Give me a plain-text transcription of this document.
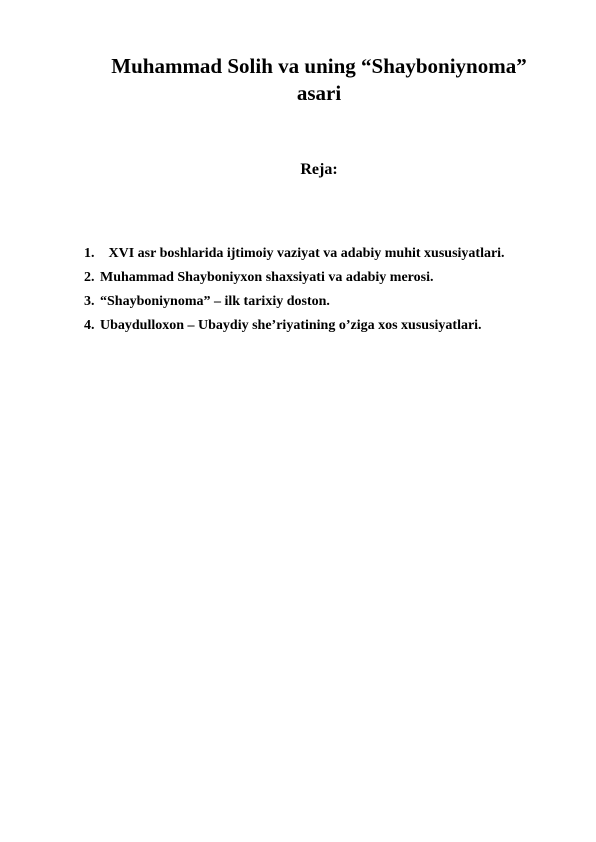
Muhammad Solih va uning “Shayboniynoma”
asari

Reja:

1. XVI asr boshlarida ijtimoiy vaziyat va adabiy muhit xususiyatlari.
2. Muhammad Shayboniyxon shaxsiyati va adabiy merosi.
3. “Shayboniynoma” – ilk tarixiy doston.
4. Ubaydulloxon – Ubaydiy she’riyatining o’ziga xos xususiyatlari.
